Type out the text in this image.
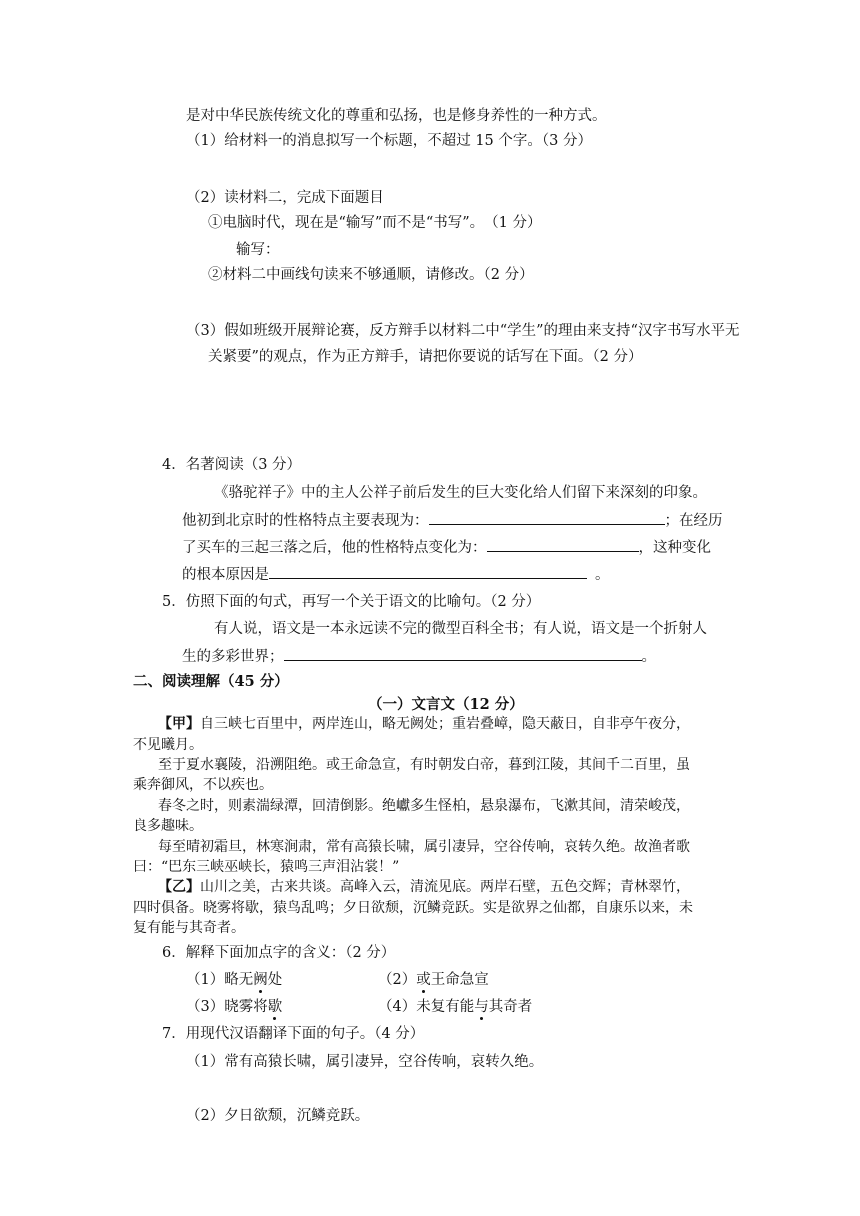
是对中华民族传统文化的尊重和弘扬，也是修身养性的一种方式。
（1）给材料一的消息拟写一个标题，不超过 15 个字。（3 分）
（2）读材料二，完成下面题目
①电脑时代，现在是“输写”而不是“书写”。　（1 分）
输写：
②材料二中画线句读来不够通顺，请修改。（2 分）
（3）假如班级开展辩论赛，反方辩手以材料二中“学生”的理由来支持“汉字书写水平无
关紧要”的观点，作为正方辩手，请把你要说的话写在下面。（2 分）
4．名著阅读（3 分）
《骆驼祥子》中的主人公祥子前后发生的巨大变化给人们留下来深刻的印象。
他初到北京时的性格特点主要表现为：	；在经历
了买车的三起三落之后，他的性格特点变化为：	，这种变化
的根本原因是	。
5．仿照下面的句式，再写一个关于语文的比喻句。（2 分）
有人说，语文是一本永远读不完的微型百科全书；有人说，语文是一个折射人
生的多彩世界；	。
二、阅读理解（45 分）
（一）文言文（12 分）
【甲】自三峡七百里中，两岸连山，略无阙处；重岩叠嶂，隐天蔽日，自非亭午夜分，
不见曦月。
至于夏水襄陵，沿溯阻绝。或王命急宣，有时朝发白帝，暮到江陵，其间千二百里，虽
乘奔御风，不以疾也。
春冬之时，则素湍绿潭，回清倒影。绝巘多生怪柏，悬泉瀑布，飞漱其间，清荣峻茂，
良多趣味。
每至晴初霜旦，林寒涧肃，常有高猿长啸，属引凄异，空谷传响，哀转久绝。故渔者歌
曰：“巴东三峡巫峡长，猿鸣三声泪沾裳！”
【乙】山川之美，古来共谈。高峰入云，清流见底。两岸石壁，五色交辉；青林翠竹，
四时俱备。晓雾将歇，猿鸟乱鸣；夕日欲颓，沉鳞竞跃。实是欲界之仙都，自康乐以来，未
复有能与其奇者。
6．解释下面加点字的含义：（2 分）
（1）略无阙处	（2）或王命急宣
（3）晓雾将歇	（4）未复有能与其奇者
7．用现代汉语翻译下面的句子。（4 分）
（1）常有高猿长啸，属引凄异，空谷传响，哀转久绝。
（2）夕日欲颓，沉鳞竞跃。
